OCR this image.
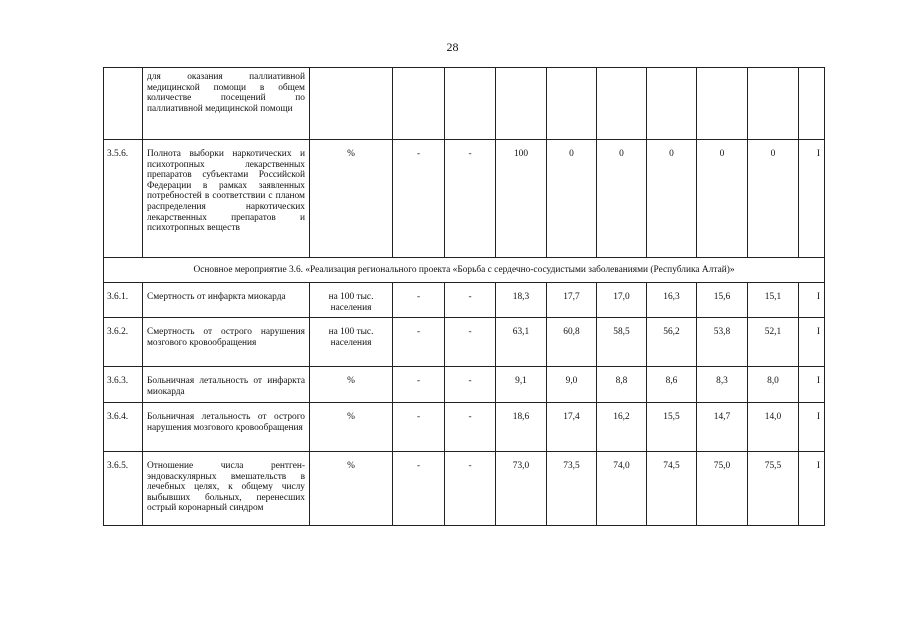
28
	для оказания паллиативной медицинской помощи в общем количестве посещений по паллиативной медицинской помощи										
3.5.6.	Полнота выборки наркотических и психотропных лекарственных препаратов субъектами Российской Федерации в рамках заявленных потребностей в соответствии с планом распределения наркотических лекарственных препаратов и психотропных веществ	%	-	-	100	0	0	0	0	0	I
Основное мероприятие 3.6. «Реализация регионального проекта «Борьба с сердечно-сосудистыми заболеваниями (Республика Алтай)»											
3.6.1.	Смертность от инфаркта миокарда	на 100 тыс. населения	-	-	18,3	17,7	17,0	16,3	15,6	15,1	I
3.6.2.	Смертность от острого нарушения мозгового кровообращения	на 100 тыс. населения	-	-	63,1	60,8	58,5	56,2	53,8	52,1	I
3.6.3.	Больничная летальность от инфаркта миокарда	%	-	-	9,1	9,0	8,8	8,6	8,3	8,0	I
3.6.4.	Больничная летальность от острого нарушения мозгового кровообращения	%	-	-	18,6	17,4	16,2	15,5	14,7	14,0	I
3.6.5.	Отношение числа рентген-эндоваскулярных вмешательств в лечебных целях, к общему числу выбывших больных, перенесших острый коронарный синдром	%	-	-	73,0	73,5	74,0	74,5	75,0	75,5	I
